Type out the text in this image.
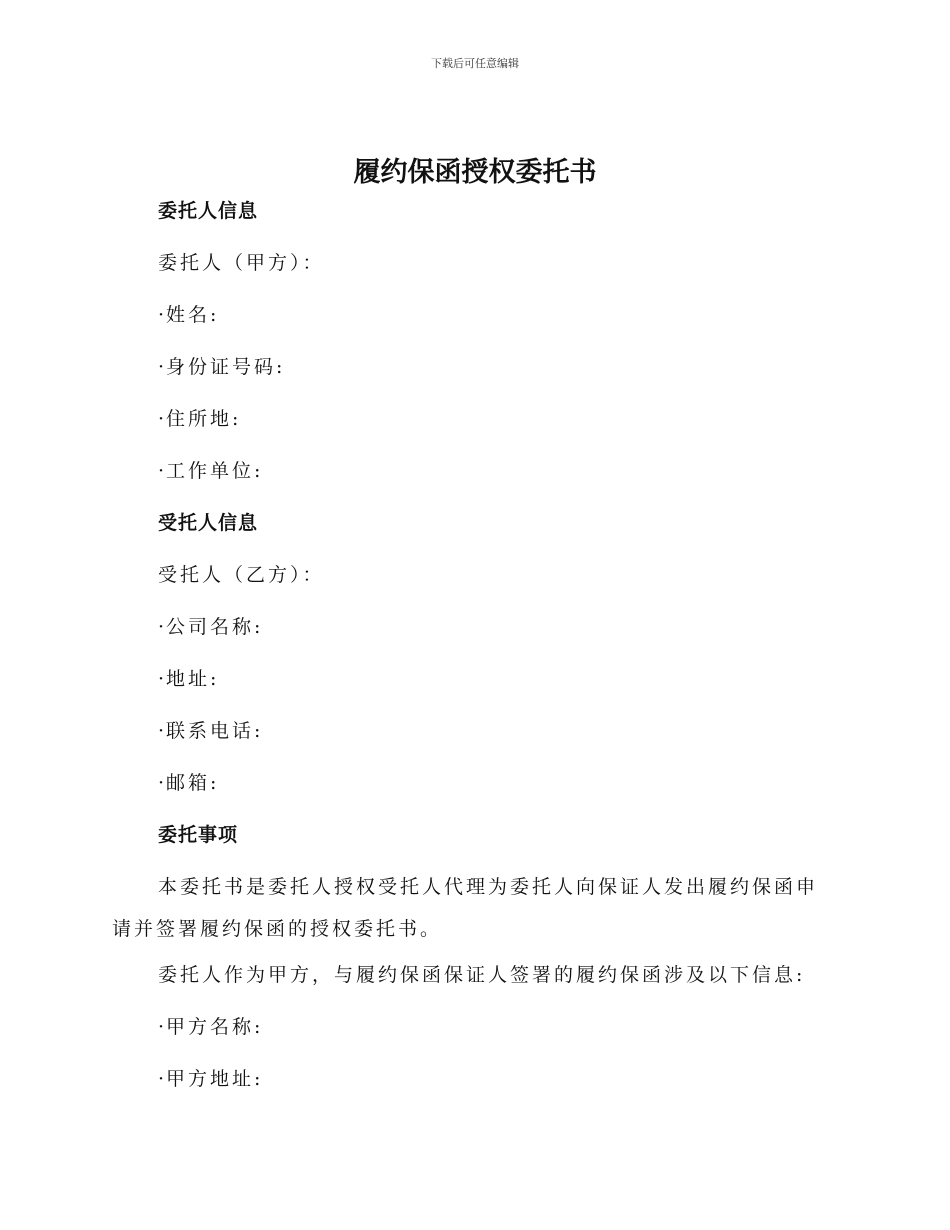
下载后可任意编辑
履约保函授权委托书
委托人信息
委托人（甲方）：
· 姓名:
· 身份证号码:
· 住所地:
· 工作单位:
受托人信息
受托人（乙方）：
· 公司名称:
· 地址:
· 联系电话:
· 邮箱:
委托事项
本委托书是委托人授权受托人代理为委托人向保证人发出履约保函申请并签署履约保函的授权委托书。
委托人作为甲方，与履约保函保证人签署的履约保函涉及以下信息:
· 甲方名称:
· 甲方地址:
